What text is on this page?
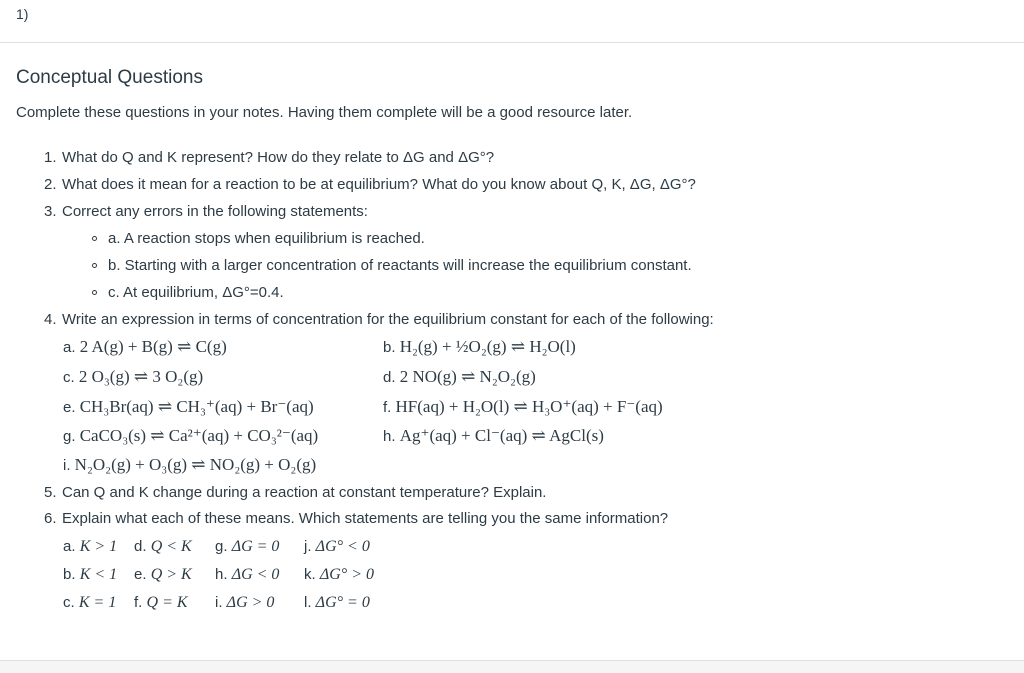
1)
Conceptual Questions
Complete these questions in your notes. Having them complete will be a good resource later.
1. What do Q and K represent? How do they relate to ΔG and ΔG°?
2. What does it mean for a reaction to be at equilibrium? What do you know about Q, K, ΔG, ΔG°?
3. Correct any errors in the following statements:
a. A reaction stops when equilibrium is reached.
b. Starting with a larger concentration of reactants will increase the equilibrium constant.
c. At equilibrium, ΔG°=0.4.
4. Write an expression in terms of concentration for the equilibrium constant for each of the following:
a. 2 A(g) + B(g) ⇌ C(g)	b. H₂(g) + ½O₂(g) ⇌ H₂O(l)
c. 2 O₃(g) ⇌ 3 O₂(g)	d. 2 NO(g) ⇌ N₂O₂(g)
e. CH₃Br(aq) ⇌ CH₃⁺(aq) + Br⁻(aq)	f. HF(aq) + H₂O(l) ⇌ H₃O⁺(aq) + F⁻(aq)
g. CaCO₃(s) ⇌ Ca²⁺(aq) + CO₃²⁻(aq)	h. Ag⁺(aq) + Cl⁻(aq) ⇌ AgCl(s)
i. N₂O₂(g) + O₃(g) ⇌ NO₂(g) + O₂(g)
5. Can Q and K change during a reaction at constant temperature? Explain.
6. Explain what each of these means. Which statements are telling you the same information?
a. K > 1 d. Q < K g. ΔG = 0 j. ΔG° < 0
b. K < 1 e. Q > K h. ΔG < 0 k. ΔG° > 0
c. K = 1 f. Q = K i. ΔG > 0 l. ΔG° = 0
